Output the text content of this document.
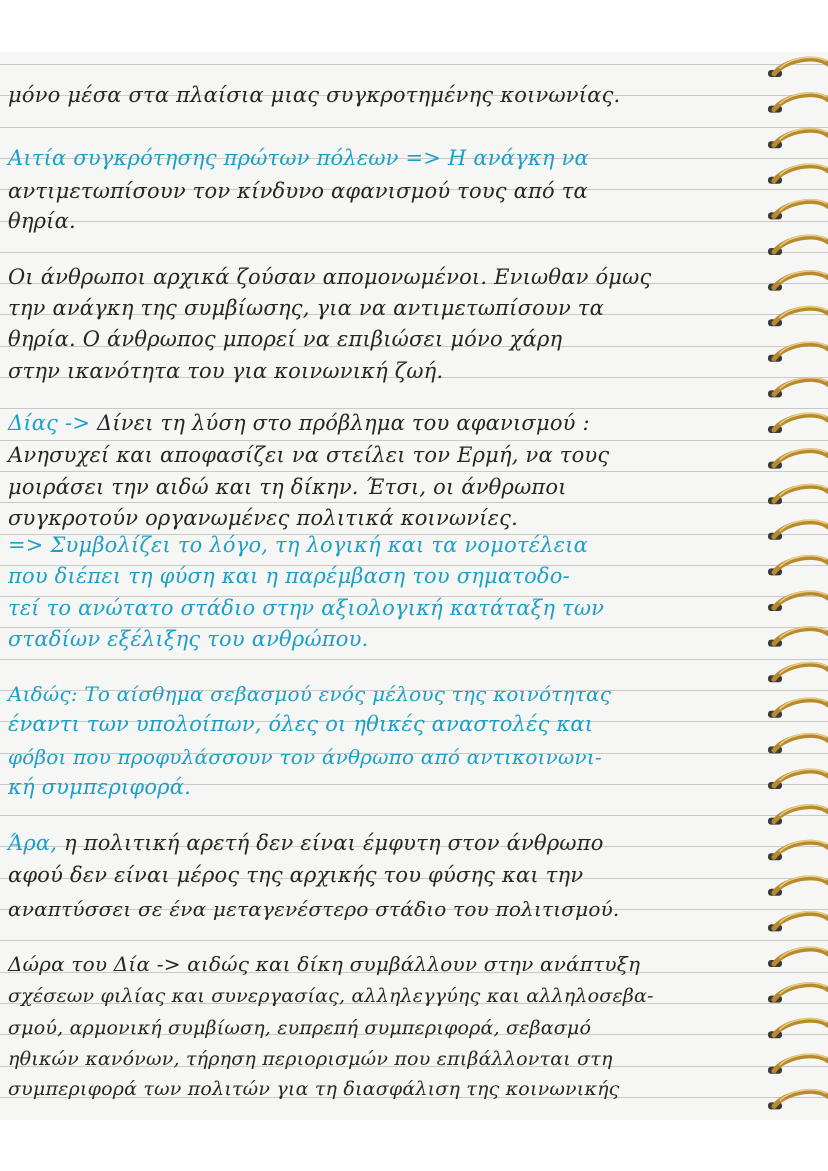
μόνο μέσα στα πλαίσια μιας συγκροτημένης κοινωνίας.
Αιτία συγκρότησης πρώτων πόλεων => Η ανάγκη να
αντιμετωπίσουν τον κίνδυνο αφανισμού τους από τα
θηρία.
Οι άνθρωποι αρχικά ζούσαν απομονωμένοι. Ενιωθαν όμως
την ανάγκη της συμβίωσης, για να αντιμετωπίσουν τα
θηρία. Ο άνθρωπος μπορεί να επιβιώσει μόνο χάρη
στην ικανότητα του για κοινωνική ζωή.
Δίας -> Δίνει τη λύση στο πρόβλημα του αφανισμού :
Ανησυχεί και αποφασίζει να στείλει τον Ερμή, να τους
μοιράσει την αιδώ και τη δίκην. Έτσι, οι άνθρωποι
συγκροτούν οργανωμένες πολιτικά κοινωνίες.
=> Συμβολίζει το λόγο, τη λογική και τα νομοτέλεια
που διέπει τη φύση και η παρέμβαση του σηματοδο-
τεί το ανώτατο στάδιο στην αξιολογική κατάταξη των
σταδίων εξέλιξης του ανθρώπου.
Αιδώς: Το αίσθημα σεβασμού ενός μέλους της κοινότητας
έναντι των υπολοίπων, όλες οι ηθικές αναστολές και
φόβοι που προφυλάσσουν τον άνθρωπο από αντικοινωνι-
κή συμπεριφορά.
Άρα, η πολιτική αρετή δεν είναι έμφυτη στον άνθρωπο
αφού δεν είναι μέρος της αρχικής του φύσης και την
αναπτύσσει σε ένα μεταγενέστερο στάδιο του πολιτισμού.
Δώρα του Δία -> αιδώς και δίκη συμβάλλουν στην ανάπτυξη
σχέσεων φιλίας και συνεργασίας, αλληλεγγύης και αλληλοσεβα-
σμού, αρμονική συμβίωση, ευπρεπή συμπεριφορά, σεβασμό
ηθικών κανόνων, τήρηση περιορισμών που επιβάλλονται στη
συμπεριφορά των πολιτών για τη διασφάλιση της κοινωνικής
